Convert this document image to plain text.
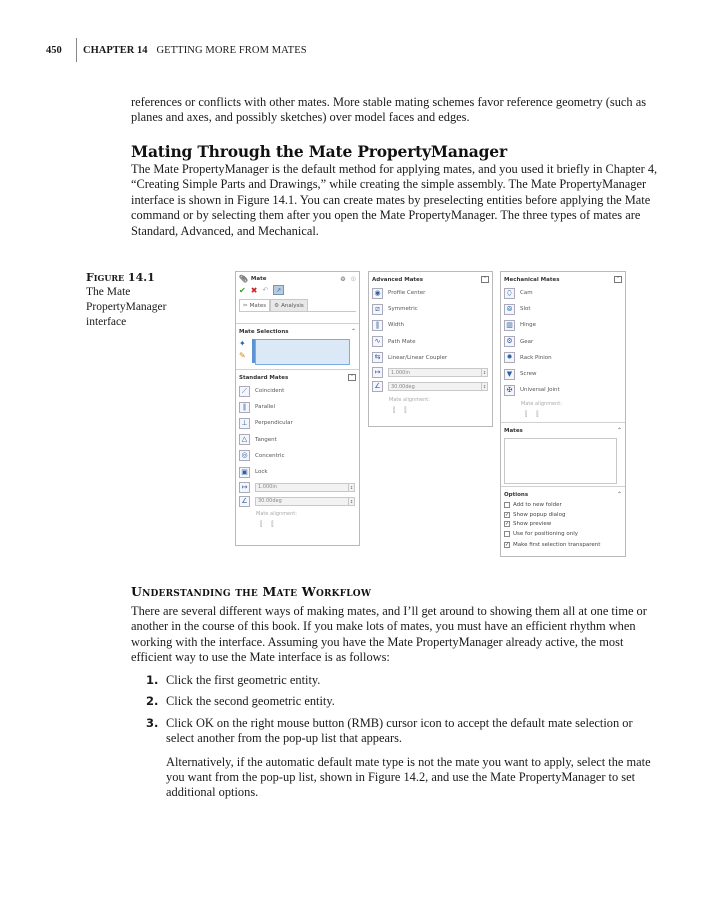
450	CHAPTER 14 GETTING MORE FROM MATES

references or conflicts with other mates. More stable mating schemes favor reference geometry (such as planes and axes, and possibly sketches) over model faces and edges.

Mating Through the Mate PropertyManager

The Mate PropertyManager is the default method for applying mates, and you used it briefly in Chapter 4, “Creating Simple Parts and Drawings,” while creating the simple assembly. The Mate PropertyManager interface is shown in Figure 14.1. You can create mates by preselecting entities before applying the Mate command or by selecting them after you open the Mate PropertyManager. The three types of mates are Standard, Advanced, and Mechanical.

Figure 14.1
The Mate PropertyManager interface
📎︎ Mate	❂ ☉
✔ ✖ ↶	↗
✂ Mates ⚙ Analysis
Mate Selections	⌃
✦
✎
Standard Mates	⌃
⟋	Coincident
∥	Parallel
⊥	Perpendicular
△	Tangent
◎	Concentric
▣	Lock
↦	1.000in	↕
∠	30.00deg	↕
Mate alignment:
⫿ ⫿
Advanced Mates	⌃
◉	Profile Center
⧄	Symmetric
‖	Width
∿	Path Mate
⇆	Linear/Linear Coupler
↦	1.000in	↕
∠	30.00deg	↕
Mate alignment:
⫿ ⫿
Mechanical Mates	⌃
⬯	Cam
⦾	Slot
▥	Hinge
⚙	Gear
✹	Rack Pinion
▼	Screw
✠	Universal Joint
Mate alignment:
⫿ ⫿
Mates	⌃
Options	⌃
Add to new folder
✓ Show popup dialog
✓ Show preview
Use for positioning only
✓ Make first selection transparent
Understanding the Mate Workflow

There are several different ways of making mates, and I’ll get around to showing them all at one time or another in the course of this book. If you make lots of mates, you must have an efficient rhythm when working with the interface. Assuming you have the Mate PropertyManager already active, the most efficient way to use the Mate interface is as follows:

1. Click the first geometric entity.
2. Click the second geometric entity.
3. Click OK on the right mouse button (RMB) cursor icon to accept the default mate selection or select another from the pop-up list that appears.

Alternatively, if the automatic default mate type is not the mate you want to apply, select the mate you want from the pop-up list, shown in Figure 14.2, and use the Mate PropertyManager to set additional options.
